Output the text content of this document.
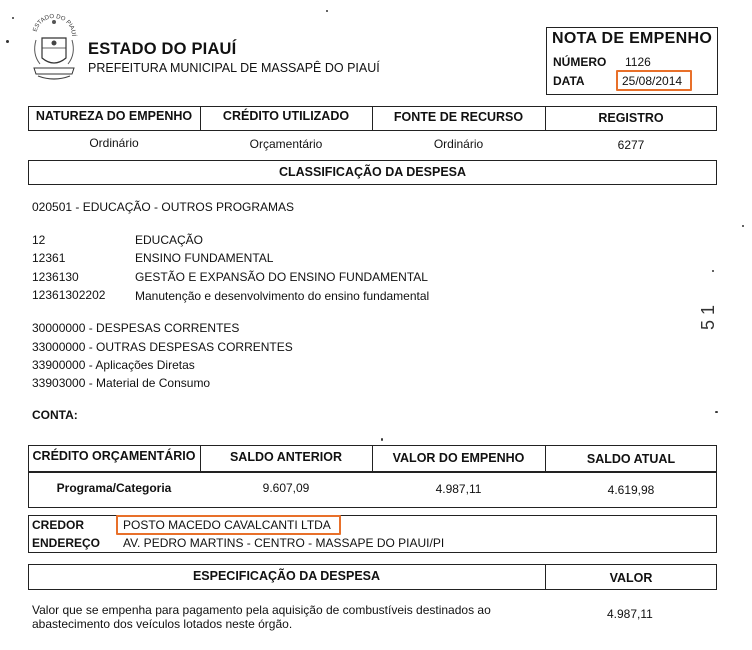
ESTADO DO PIAUÍ
ESTADO DO PIAUÍ
PREFEITURA MUNICIPAL DE MASSAPÊ DO PIAUÍ
NOTA DE EMPENHO
NÚMERO 1126
DATA	25/08/2014
NATUREZA DO EMPENHO	CRÉDITO UTILIZADO	FONTE DE RECURSO	REGISTRO
Ordinário	Orçamentário	Ordinário	6277
CLASSIFICAÇÃO DA DESPESA
020501 - EDUCAÇÃO - OUTROS PROGRAMAS
12	EDUCAÇÃO
12361	ENSINO FUNDAMENTAL
1236130	GESTÃO E EXPANSÃO DO ENSINO FUNDAMENTAL
12361302202 Manutenção e desenvolvimento do ensino fundamental
30000000 - DESPESAS CORRENTES
33000000 - OUTRAS DESPESAS CORRENTES
33900000 - Aplicações Diretas
33903000 - Material de Consumo
CONTA:
CRÉDITO ORÇAMENTÁRIO	SALDO ANTERIOR	VALOR DO EMPENHO	SALDO ATUAL
Programa/Categoria	9.607,09	4.987,11	4.619,98
CREDOR	POSTO MACEDO CAVALCANTI LTDA
ENDEREÇO AV. PEDRO MARTINS - CENTRO - MASSAPE DO PIAUI/PI
ESPECIFICAÇÃO DA DESPESA	VALOR
Valor que se empenha para pagamento pela aquisição de combustíveis destinados ao
abastecimento dos veículos lotados neste órgão.
4.987,11
5 1
